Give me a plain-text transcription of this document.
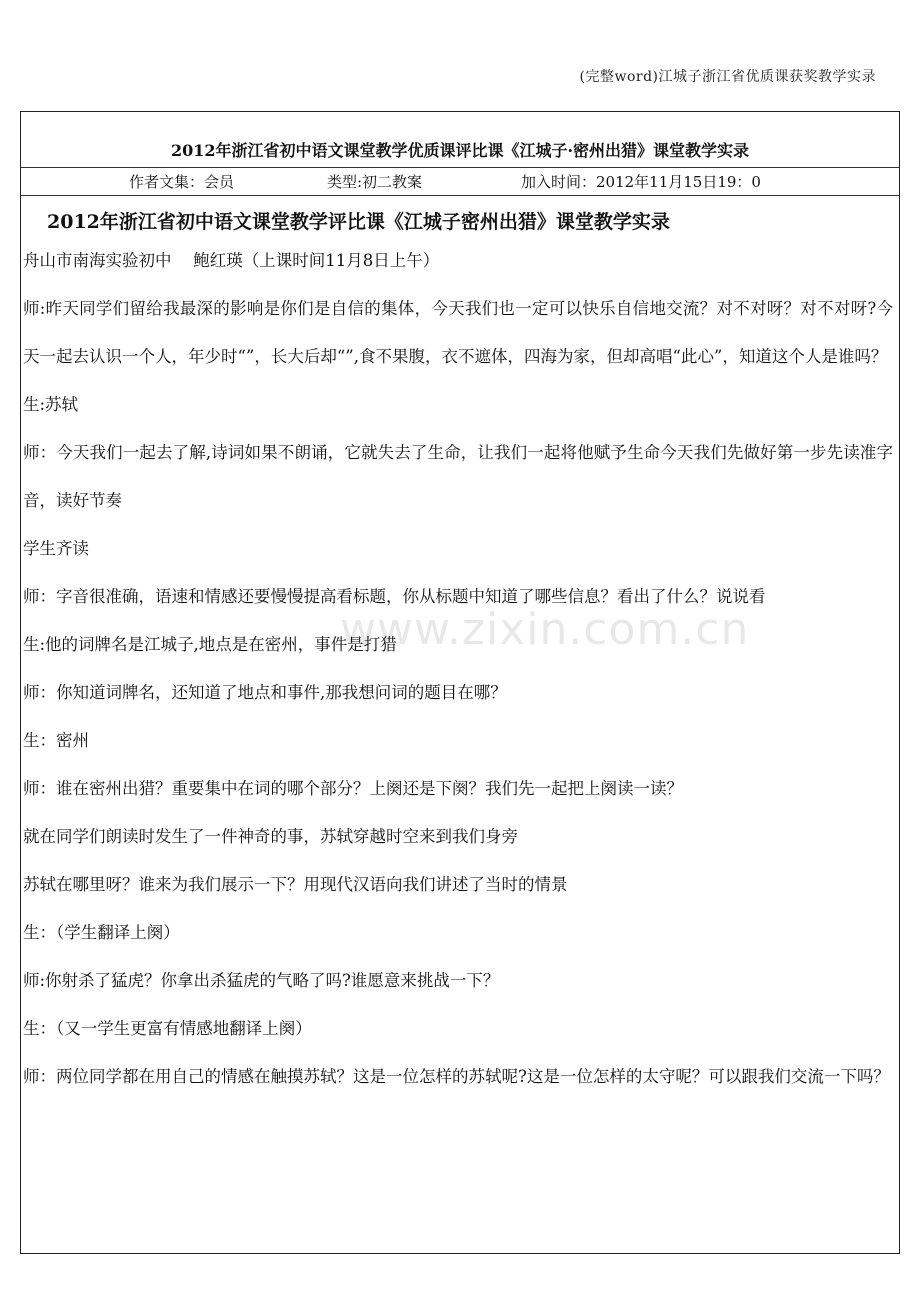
(完整word)江城子浙江省优质课获奖教学实录
2012年浙江省初中语文课堂教学优质课评比课《江城子·密州出猎》课堂教学实录
作者文集：会员	类型:初二教案	加入时间：2012年11月15日19：0
2012年浙江省初中语文课堂教学评比课《江城子密州出猎》课堂教学实录

舟山市南海实验初中　 鲍红瑛（上课时间11月8日上午）

师:昨天同学们留给我最深的影响是你们是自信的集体，今天我们也一定可以快乐自信地交流？对不对呀？对不对呀?今天一起去认识一个人，年少时“”，长大后却“”,食不果腹，衣不遮体，四海为家，但却高唱“此心”，知道这个人是谁吗？

生:苏轼

师：今天我们一起去了解,诗词如果不朗诵，它就失去了生命，让我们一起将他赋予生命今天我们先做好第一步先读准字音，读好节奏

学生齐读

师：字音很准确，语速和情感还要慢慢提高看标题，你从标题中知道了哪些信息？看出了什么？说说看

生:他的词牌名是江城子,地点是在密州，事件是打猎

师：你知道词牌名，还知道了地点和事件,那我想问词的题目在哪？

生：密州

师：谁在密州出猎？重要集中在词的哪个部分？上阕还是下阕？我们先一起把上阕读一读？

就在同学们朗读时发生了一件神奇的事，苏轼穿越时空来到我们身旁

苏轼在哪里呀？谁来为我们展示一下？用现代汉语向我们讲述了当时的情景

生：（学生翻译上阕）

师:你射杀了猛虎？你拿出杀猛虎的气略了吗?谁愿意来挑战一下？

生：（又一学生更富有情感地翻译上阕）

师：两位同学都在用自己的情感在触摸苏轼？这是一位怎样的苏轼呢?这是一位怎样的太守呢？可以跟我们交流一下吗？

www.zixin.com.cn
